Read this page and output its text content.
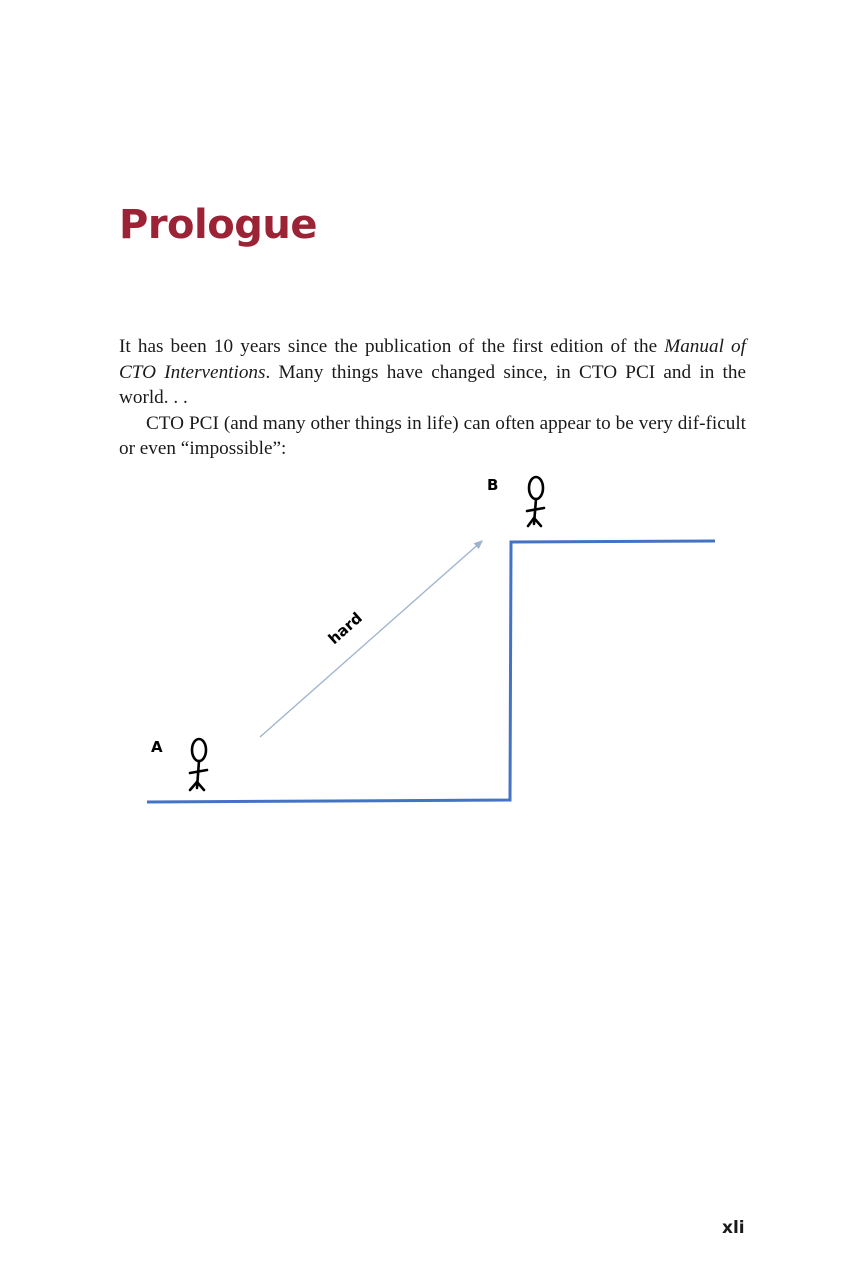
Prologue

It has been 10 years since the publication of the first edition of the Manual of CTO Interventions. Many things have changed since, in CTO PCI and in the world. . .

CTO PCI (and many other things in life) can often appear to be very dif-ficult or even “impossible”:

hard
A
B
xli
